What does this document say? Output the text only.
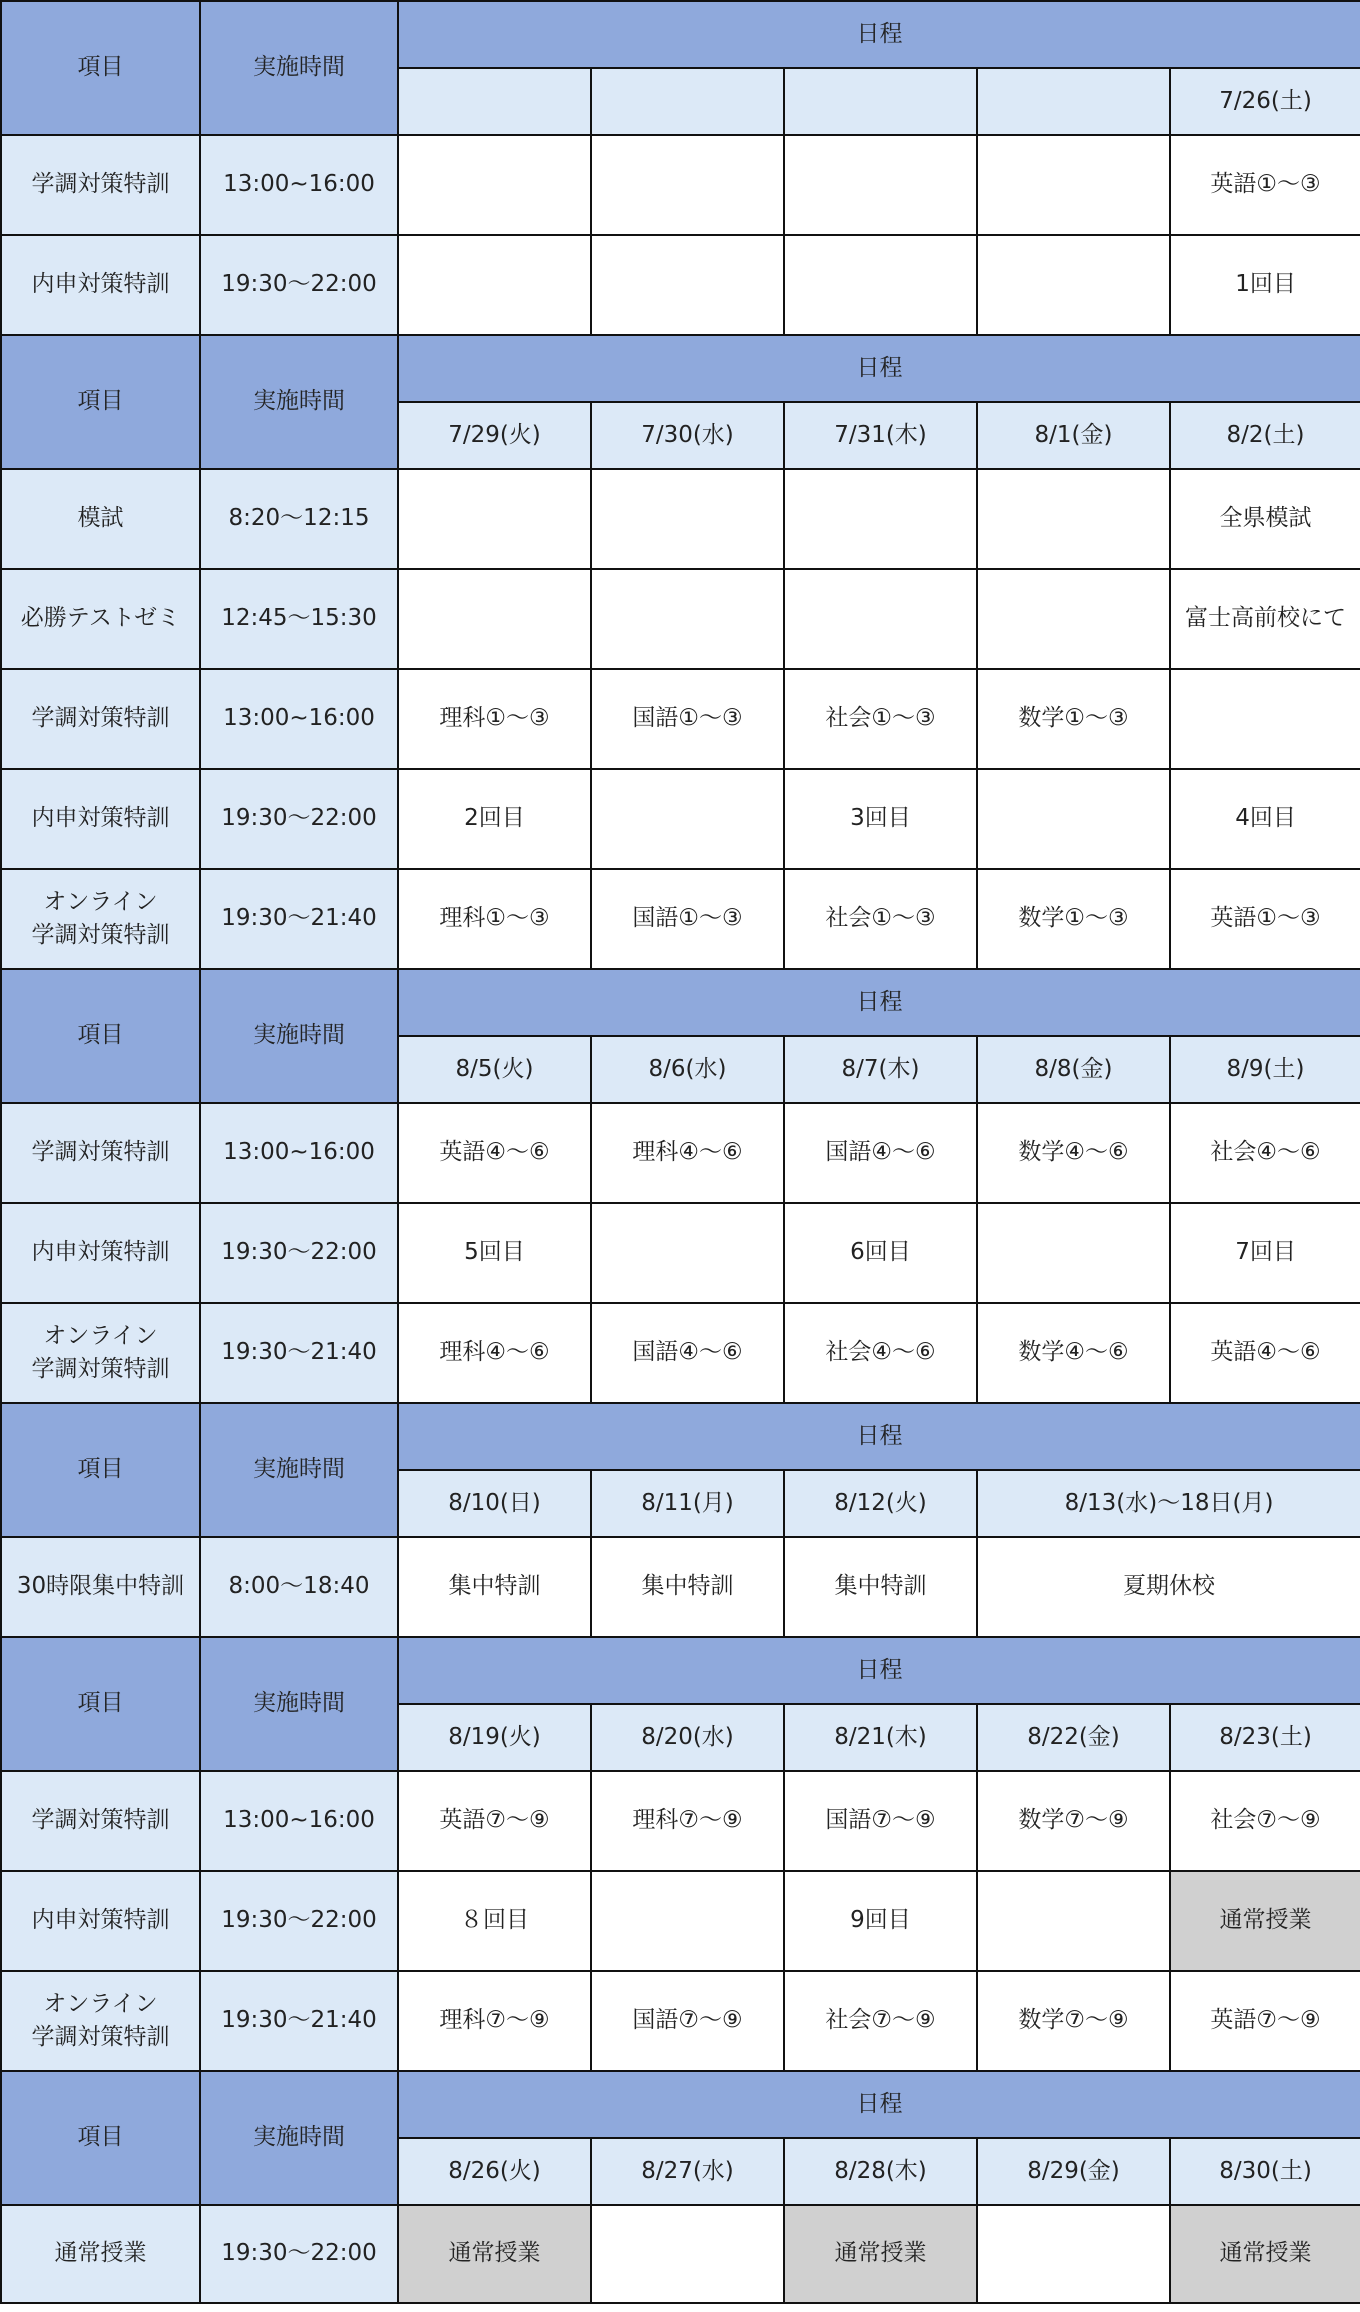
項目	実施時間	日程				
						7/26(土)
学調対策特訓	13:00~16:00					英語①～③
内申対策特訓	19:30～22:00					1回目
項目	実施時間	日程				
		7/29(火)	7/30(水)	7/31(木)	8/1(金)	8/2(土)
模試	8:20～12:15					全県模試
必勝テストゼミ	12:45～15:30					富士高前校にて
学調対策特訓	13:00~16:00	理科①～③	国語①～③	社会①～③	数学①～③	
内申対策特訓	19:30～22:00	2回目		3回目		4回目

オンライン
学調対策特訓	19:30～21:40	理科①～③	国語①～③	社会①～③	数学①～③	英語①～③
項目	実施時間	日程				
		8/5(火)	8/6(水)	8/7(木)	8/8(金)	8/9(土)
学調対策特訓	13:00~16:00	英語④～⑥	理科④～⑥	国語④～⑥	数学④～⑥	社会④～⑥
内申対策特訓	19:30～22:00	5回目		6回目		7回目

オンライン
学調対策特訓	19:30～21:40	理科④～⑥	国語④～⑥	社会④～⑥	数学④～⑥	英語④～⑥
項目	実施時間	日程				
		8/10(日)	8/11(月)	8/12(火)	8/13(水)～18日(月)	
30時限集中特訓	8:00～18:40	集中特訓	集中特訓	集中特訓	夏期休校	
項目	実施時間	日程				
		8/19(火)	8/20(水)	8/21(木)	8/22(金)	8/23(土)
学調対策特訓	13:00~16:00	英語⑦～⑨	理科⑦～⑨	国語⑦～⑨	数学⑦～⑨	社会⑦～⑨
内申対策特訓	19:30～22:00	８回目		9回目		通常授業

オンライン
学調対策特訓	19:30～21:40	理科⑦～⑨	国語⑦～⑨	社会⑦～⑨	数学⑦～⑨	英語⑦～⑨
項目	実施時間	日程				
		8/26(火)	8/27(水)	8/28(木)	8/29(金)	8/30(土)
通常授業	19:30～22:00	通常授業		通常授業		通常授業
